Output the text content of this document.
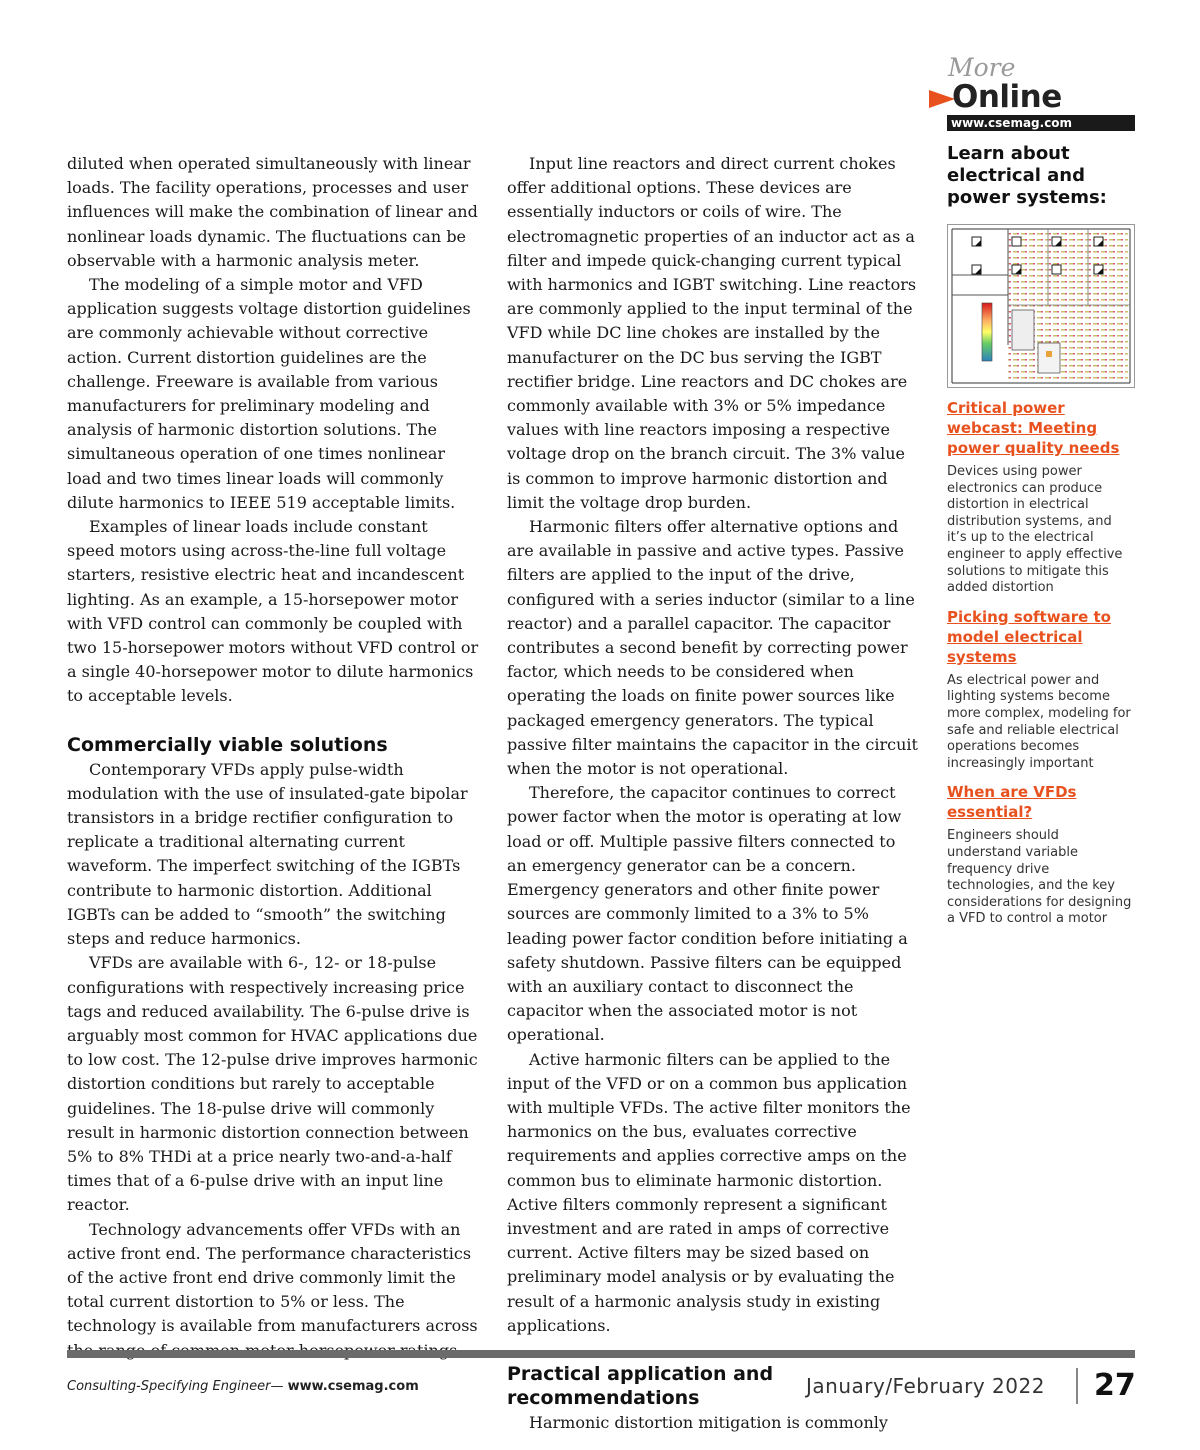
diluted when operated simultaneously with linear loads. The facility operations, processes and user influences will make the combination of linear and nonlinear loads dynamic. The fluctuations can be observable with a harmonic analysis meter.

The modeling of a simple motor and VFD application suggests voltage distortion guidelines are commonly achievable without corrective action. Current distortion guidelines are the challenge. Freeware is available from various manufacturers for preliminary modeling and analysis of harmonic distortion solutions. The simultaneous operation of one times nonlinear load and two times linear loads will commonly dilute harmonics to IEEE 519 acceptable limits.

Examples of linear loads include constant speed motors using across-the-line full voltage starters, resistive electric heat and incandescent lighting. As an example, a 15-horsepower motor with VFD control can commonly be coupled with two 15-horsepower motors without VFD control or a single 40-horsepower motor to dilute harmonics to acceptable levels.

Commercially viable solutions

Contemporary VFDs apply pulse-width modulation with the use of insulated-gate bipolar transistors in a bridge rectifier configuration to replicate a traditional alternating current waveform. The imperfect switching of the IGBTs contribute to harmonic distortion. Additional IGBTs can be added to “smooth” the switching steps and reduce harmonics.

VFDs are available with 6-, 12- or 18-pulse configurations with respectively increasing price tags and reduced availability. The 6-pulse drive is arguably most common for HVAC applications due to low cost. The 12-pulse drive improves harmonic distortion conditions but rarely to acceptable guidelines. The 18-pulse drive will commonly result in harmonic distortion connection between 5% to 8% THDi at a price nearly two-and-a-half times that of a 6-pulse drive with an input line reactor.

Technology advancements offer VFDs with an active front end. The performance characteristics of the active front end drive commonly limit the total current distortion to 5% or less. The technology is available from manufacturers across

Input line reactors and direct current chokes offer additional options. These devices are essentially inductors or coils of wire. The electromagnetic properties of an inductor act as a filter and impede quick-changing current typical with harmonics and IGBT switching. Line reactors are commonly applied to the input terminal of the VFD while DC line chokes are installed by the manufacturer on the DC bus serving the IGBT rectifier bridge. Line reactors and DC chokes are commonly available with 3% or 5% impedance values with line reactors imposing a respective voltage drop on the branch circuit. The 3% value is common to improve harmonic distortion and limit the voltage drop burden.

Harmonic filters offer alternative options and are available in passive and active types. Passive filters are applied to the input of the drive, configured with a series inductor (similar to a line reactor) and a parallel capacitor. The capacitor contributes a second benefit by correcting power factor, which needs to be considered when operating the loads on finite power sources like packaged emergency generators. The typical passive filter maintains the capacitor in the circuit when the motor is not operational.

Therefore, the capacitor continues to correct power factor when the motor is operating at low load or off. Multiple passive filters connected to an emergency generator can be a concern. Emergency generators and other finite power sources are commonly limited to a 3% to 5% leading power factor condition before initiating a safety shutdown. Passive filters can be equipped with an auxiliary contact to disconnect the capacitor when the associated motor is not operational.

Active harmonic filters can be applied to the input of the VFD or on a common bus application with multiple VFDs. The active filter monitors the harmonics on the bus, evaluates corrective requirements and applies corrective amps on the common bus to eliminate harmonic distortion. Active filters commonly represent a significant investment and are rated in amps of corrective current. Active filters may be sized based on preliminary model analysis or by evaluating the result of a harmonic analysis study in existing applications.

Practical application and recommendations

Harmonic distortion mitigation is commonly

More
Online
www.csemag.com
Learn about electrical and power systems:
Critical power webcast: Meeting power quality needs
Devices using power electronics can produce distortion in electrical distribution systems, and it’s up to the electrical engineer to apply effective solutions to mitigate this added distortion
Picking software to model electrical systems
As electrical power and lighting systems become more complex, modeling for safe and reliable electrical operations becomes increasingly important
When are VFDs essential?
Engineers should understand variable frequency drive technologies, and the key considerations for designing a VFD to control a motor
Consulting-Specifying Engineer— www.csemag.com	January/February 2022 27
